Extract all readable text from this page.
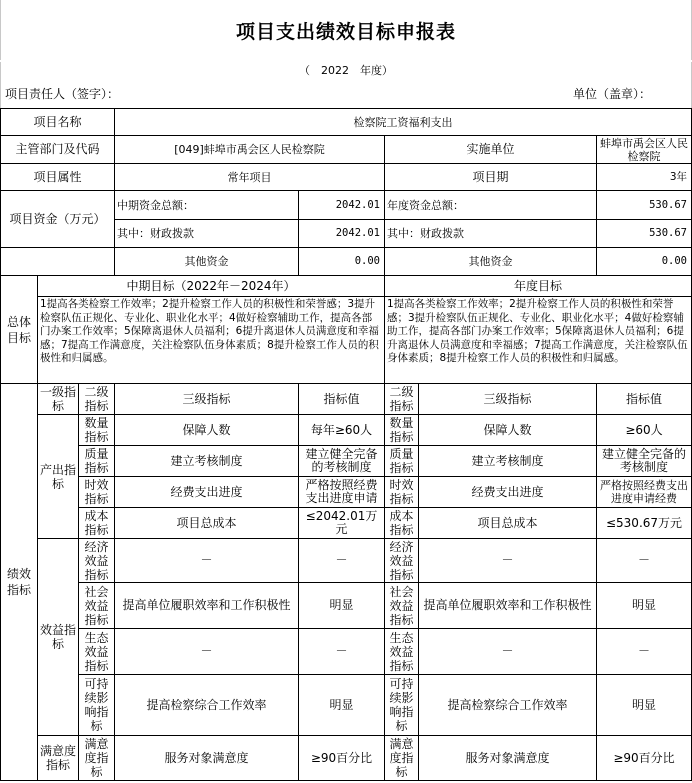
项目支出绩效目标申报表
（　2022　年度）
项目责任人（签字）：	单位（盖章）：
项目名称			检察院工资福利支出				
主管部门及代码			[049]蚌埠市禹会区人民检察院		实施单位		蚌埠市禹会区人民检察院
项目属性			常年项目		项目期		3年
项目资金（万元）			中期资金总额：	2042.01	年度资金总额：		530.67
			其中：财政拨款	2042.01	其中：财政拨款		530.67
			其他资金	0.00	其他资金		0.00
总体目标	中期目标（2022年－2024年）				年度目标		
	1提高各类检察工作效率；2提升检察工作人员的积极性和荣誉感；3提升检察队伍正规化、专业化、职业化水平；4做好检察辅助工作，提高各部门办案工作效率；5保障离退休人员福利；6提升离退休人员满意度和幸福感；7提高工作满意度，关注检察队伍身体素质；8提升检察工作人员的积极性和归属感。				1提高各类检察工作效率；2提升检察工作人员的积极性和荣誉感；3提升检察队伍正规化、专业化、职业化水平；4做好检察辅助工作，提高各部门办案工作效率；5保障离退休人员福利；6提升离退休人员满意度和幸福感；7提高工作满意度，关注检察队伍身体素质；8提升检察工作人员的积极性和归属感。		
绩效指标	一级指标	二级指标	三级指标	指标值	二级指标	三级指标	指标值
	产出指标	数量指标	保障人数	每年≥60人	数量指标	保障人数	≥60人
		质量指标	建立考核制度	建立健全完备的考核制度	质量指标	建立考核制度	建立健全完备的考核制度
		时效指标	经费支出进度	严格按照经费支出进度申请	时效指标	经费支出进度	严格按照经费支出进度申请经费
		成本指标	项目总成本	≤2042.01万元	成本指标	项目总成本	≤530.67万元
	效益指标	经济效益指标	－	－	经济效益指标	－	－
		社会效益指标	提高单位履职效率和工作积极性	明显	社会效益指标	提高单位履职效率和工作积极性	明显
		生态效益指标	－	－	生态效益指标	－	－
		可持续影响指标	提高检察综合工作效率	明显	可持续影响指标	提高检察综合工作效率	明显
	满意度指标	满意度指标	服务对象满意度	≥90百分比	满意度指标	服务对象满意度	≥90百分比
